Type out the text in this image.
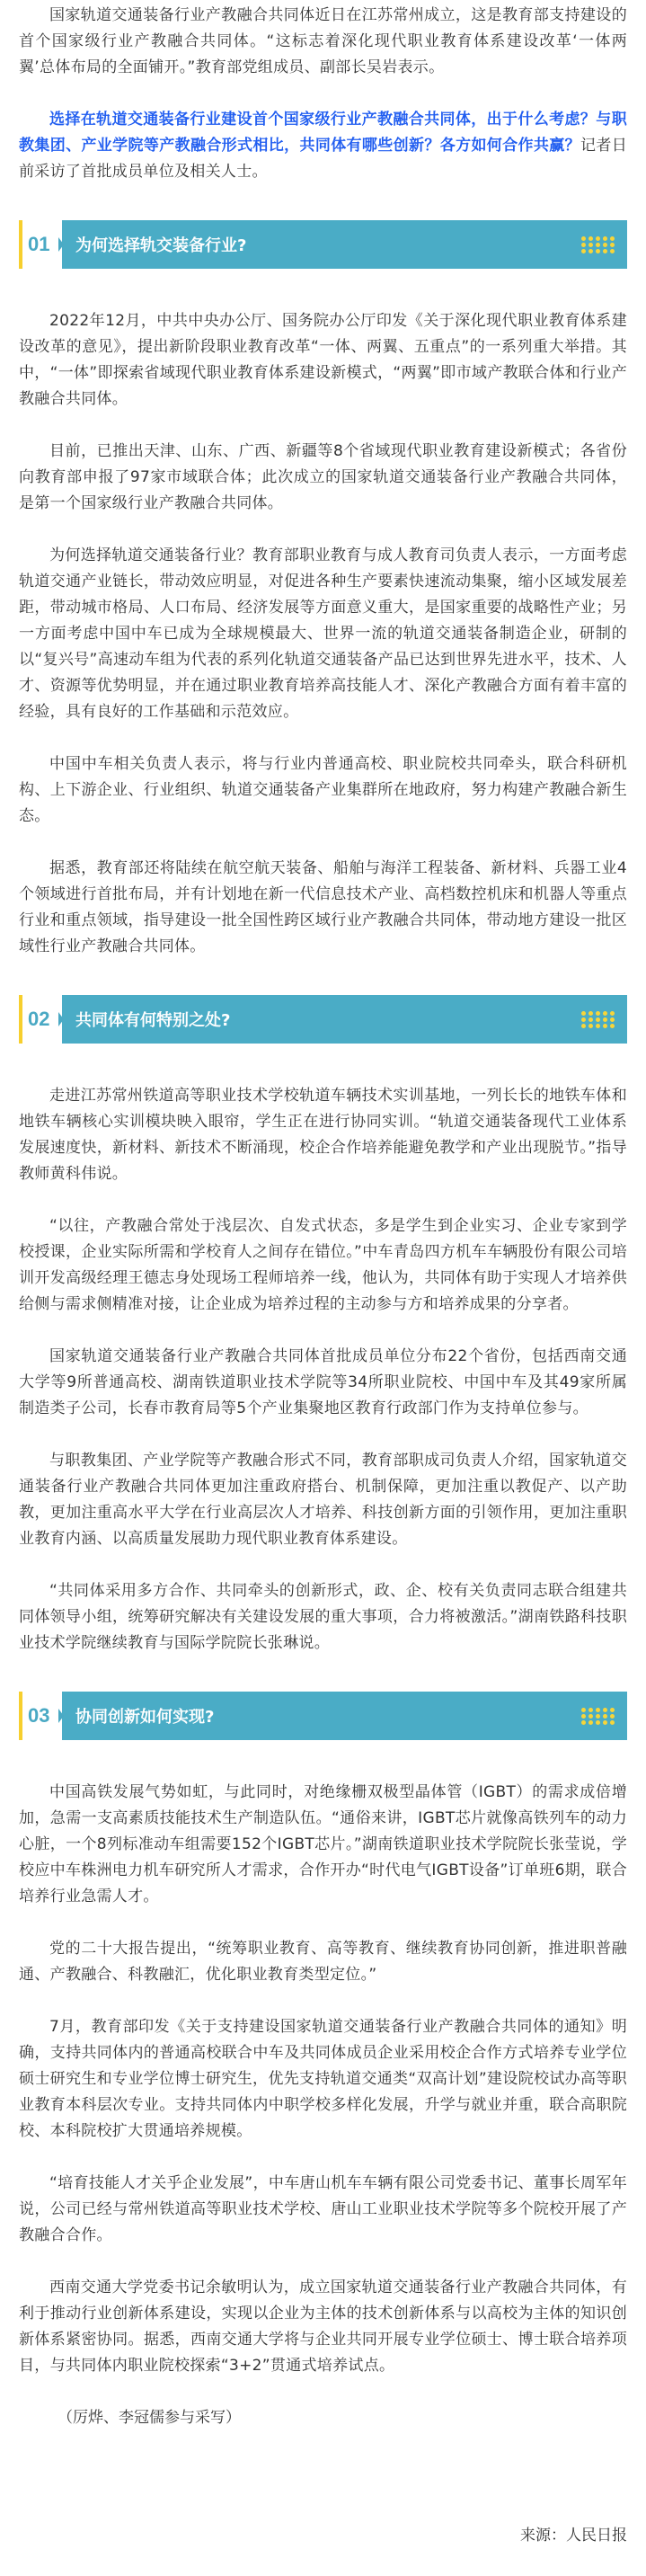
国家轨道交通装备行业产教融合共同体近日在江苏常州成立，这是教育部支持建设的首个国家级行业产教融合共同体。“这标志着深化现代职业教育体系建设改革‘一体两翼’总体布局的全面铺开。”教育部党组成员、副部长吴岩表示。

选择在轨道交通装备行业建设首个国家级行业产教融合共同体，出于什么考虑？与职教集团、产业学院等产教融合形式相比，共同体有哪些创新？各方如何合作共赢？记者日前采访了首批成员单位及相关人士。

01	为何选择轨交装备行业?

2022年12月，中共中央办公厅、国务院办公厅印发《关于深化现代职业教育体系建设改革的意见》，提出新阶段职业教育改革“一体、两翼、五重点”的一系列重大举措。其中，“一体”即探索省域现代职业教育体系建设新模式，“两翼”即市域产教联合体和行业产教融合共同体。

目前，已推出天津、山东、广西、新疆等8个省域现代职业教育建设新模式；各省份向教育部申报了97家市域联合体；此次成立的国家轨道交通装备行业产教融合共同体，是第一个国家级行业产教融合共同体。

为何选择轨道交通装备行业？教育部职业教育与成人教育司负责人表示，一方面考虑轨道交通产业链长，带动效应明显，对促进各种生产要素快速流动集聚，缩小区域发展差距，带动城市格局、人口布局、经济发展等方面意义重大，是国家重要的战略性产业；另一方面考虑中国中车已成为全球规模最大、世界一流的轨道交通装备制造企业，研制的以“复兴号”高速动车组为代表的系列化轨道交通装备产品已达到世界先进水平，技术、人才、资源等优势明显，并在通过职业教育培养高技能人才、深化产教融合方面有着丰富的经验，具有良好的工作基础和示范效应。

中国中车相关负责人表示，将与行业内普通高校、职业院校共同牵头，联合科研机构、上下游企业、行业组织、轨道交通装备产业集群所在地政府，努力构建产教融合新生态。

据悉，教育部还将陆续在航空航天装备、船舶与海洋工程装备、新材料、兵器工业4个领域进行首批布局，并有计划地在新一代信息技术产业、高档数控机床和机器人等重点行业和重点领域，指导建设一批全国性跨区域行业产教融合共同体，带动地方建设一批区域性行业产教融合共同体。

02	共同体有何特别之处?

走进江苏常州铁道高等职业技术学校轨道车辆技术实训基地，一列长长的地铁车体和地铁车辆核心实训模块映入眼帘，学生正在进行协同实训。“轨道交通装备现代工业体系发展速度快，新材料、新技术不断涌现，校企合作培养能避免教学和产业出现脱节。”指导教师黄科伟说。

“以往，产教融合常处于浅层次、自发式状态，多是学生到企业实习、企业专家到学校授课，企业实际所需和学校育人之间存在错位。”中车青岛四方机车车辆股份有限公司培训开发高级经理王德志身处现场工程师培养一线，他认为，共同体有助于实现人才培养供给侧与需求侧精准对接，让企业成为培养过程的主动参与方和培养成果的分享者。

国家轨道交通装备行业产教融合共同体首批成员单位分布22个省份，包括西南交通大学等9所普通高校、湖南铁道职业技术学院等34所职业院校、中国中车及其49家所属制造类子公司，长春市教育局等5个产业集聚地区教育行政部门作为支持单位参与。

与职教集团、产业学院等产教融合形式不同，教育部职成司负责人介绍，国家轨道交通装备行业产教融合共同体更加注重政府搭台、机制保障，更加注重以教促产、以产助教，更加注重高水平大学在行业高层次人才培养、科技创新方面的引领作用，更加注重职业教育内涵、以高质量发展助力现代职业教育体系建设。

“共同体采用多方合作、共同牵头的创新形式，政、企、校有关负责同志联合组建共同体领导小组，统筹研究解决有关建设发展的重大事项，合力将被激活。”湖南铁路科技职业技术学院继续教育与国际学院院长张琳说。

03	协同创新如何实现?

中国高铁发展气势如虹，与此同时，对绝缘栅双极型晶体管（IGBT）的需求成倍增加，急需一支高素质技能技术生产制造队伍。“通俗来讲，IGBT芯片就像高铁列车的动力心脏，一个8列标准动车组需要152个IGBT芯片。”湖南铁道职业技术学院院长张莹说，学校应中车株洲电力机车研究所人才需求，合作开办“时代电气IGBT设备”订单班6期，联合培养行业急需人才。

党的二十大报告提出，“统筹职业教育、高等教育、继续教育协同创新，推进职普融通、产教融合、科教融汇，优化职业教育类型定位。”

7月，教育部印发《关于支持建设国家轨道交通装备行业产教融合共同体的通知》明确，支持共同体内的普通高校联合中车及共同体成员企业采用校企合作方式培养专业学位硕士研究生和专业学位博士研究生，优先支持轨道交通类“双高计划”建设院校试办高等职业教育本科层次专业。支持共同体内中职学校多样化发展，升学与就业并重，联合高职院校、本科院校扩大贯通培养规模。

“培育技能人才关乎企业发展”，中车唐山机车车辆有限公司党委书记、董事长周军年说，公司已经与常州铁道高等职业技术学校、唐山工业职业技术学院等多个院校开展了产教融合合作。

西南交通大学党委书记余敏明认为，成立国家轨道交通装备行业产教融合共同体，有利于推动行业创新体系建设，实现以企业为主体的技术创新体系与以高校为主体的知识创新体系紧密协同。据悉，西南交通大学将与企业共同开展专业学位硕士、博士联合培养项目，与共同体内职业院校探索“3+2”贯通式培养试点。

（厉烨、李冠儒参与采写）

来源：人民日报
